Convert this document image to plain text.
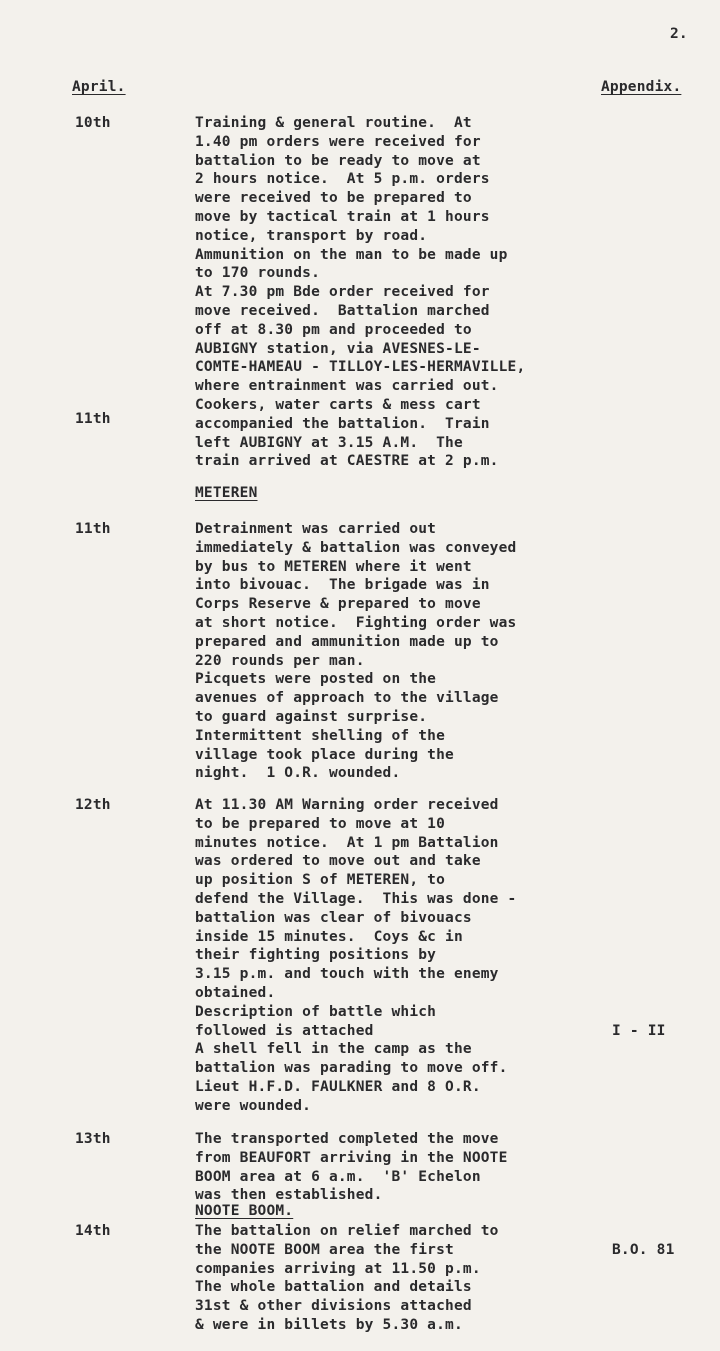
2.
April.	Appendix.
10th	Training & general routine.  At
1.40 pm orders were received for
battalion to be ready to move at
2 hours notice.  At 5 p.m. orders
were received to be prepared to
move by tactical train at 1 hours
notice, transport by road.
Ammunition on the man to be made up
to 170 rounds.
At 7.30 pm Bde order received for
move received.  Battalion marched
off at 8.30 pm and proceeded to
AUBIGNY station, via AVESNES-LE-
COMTE-HAMEAU - TILLOY-LES-HERMAVILLE,
where entrainment was carried out.
Cookers, water carts & mess cart
11th	accompanied the battalion.  Train
left AUBIGNY at 3.15 A.M.  The
train arrived at CAESTRE at 2 p.m.
METEREN
11th	Detrainment was carried out
immediately & battalion was conveyed
by bus to METEREN where it went
into bivouac.  The brigade was in
Corps Reserve & prepared to move
at short notice.  Fighting order was
prepared and ammunition made up to
220 rounds per man.
Picquets were posted on the
avenues of approach to the village
to guard against surprise.
Intermittent shelling of the
village took place during the
night.  1 O.R. wounded.
12th	At 11.30 AM Warning order received
to be prepared to move at 10
minutes notice.  At 1 pm Battalion
was ordered to move out and take
up position S of METEREN, to
defend the Village.  This was done -
battalion was clear of bivouacs
inside 15 minutes.  Coys &c in
their fighting positions by
3.15 p.m. and touch with the enemy
obtained.
Description of battle which
followed is attached	I - II
A shell fell in the camp as the
battalion was parading to move off.
Lieut H.F.D. FAULKNER and 8 O.R.
were wounded.
13th	The transported completed the move
from BEAUFORT arriving in the NOOTE
BOOM area at 6 a.m.  'B' Echelon
was then established.
NOOTE BOOM.
14th	The battalion on relief marched to
the NOOTE BOOM area the first	B.O. 81
companies arriving at 11.50 p.m.
The whole battalion and details
31st & other divisions attached
& were in billets by 5.30 a.m.
